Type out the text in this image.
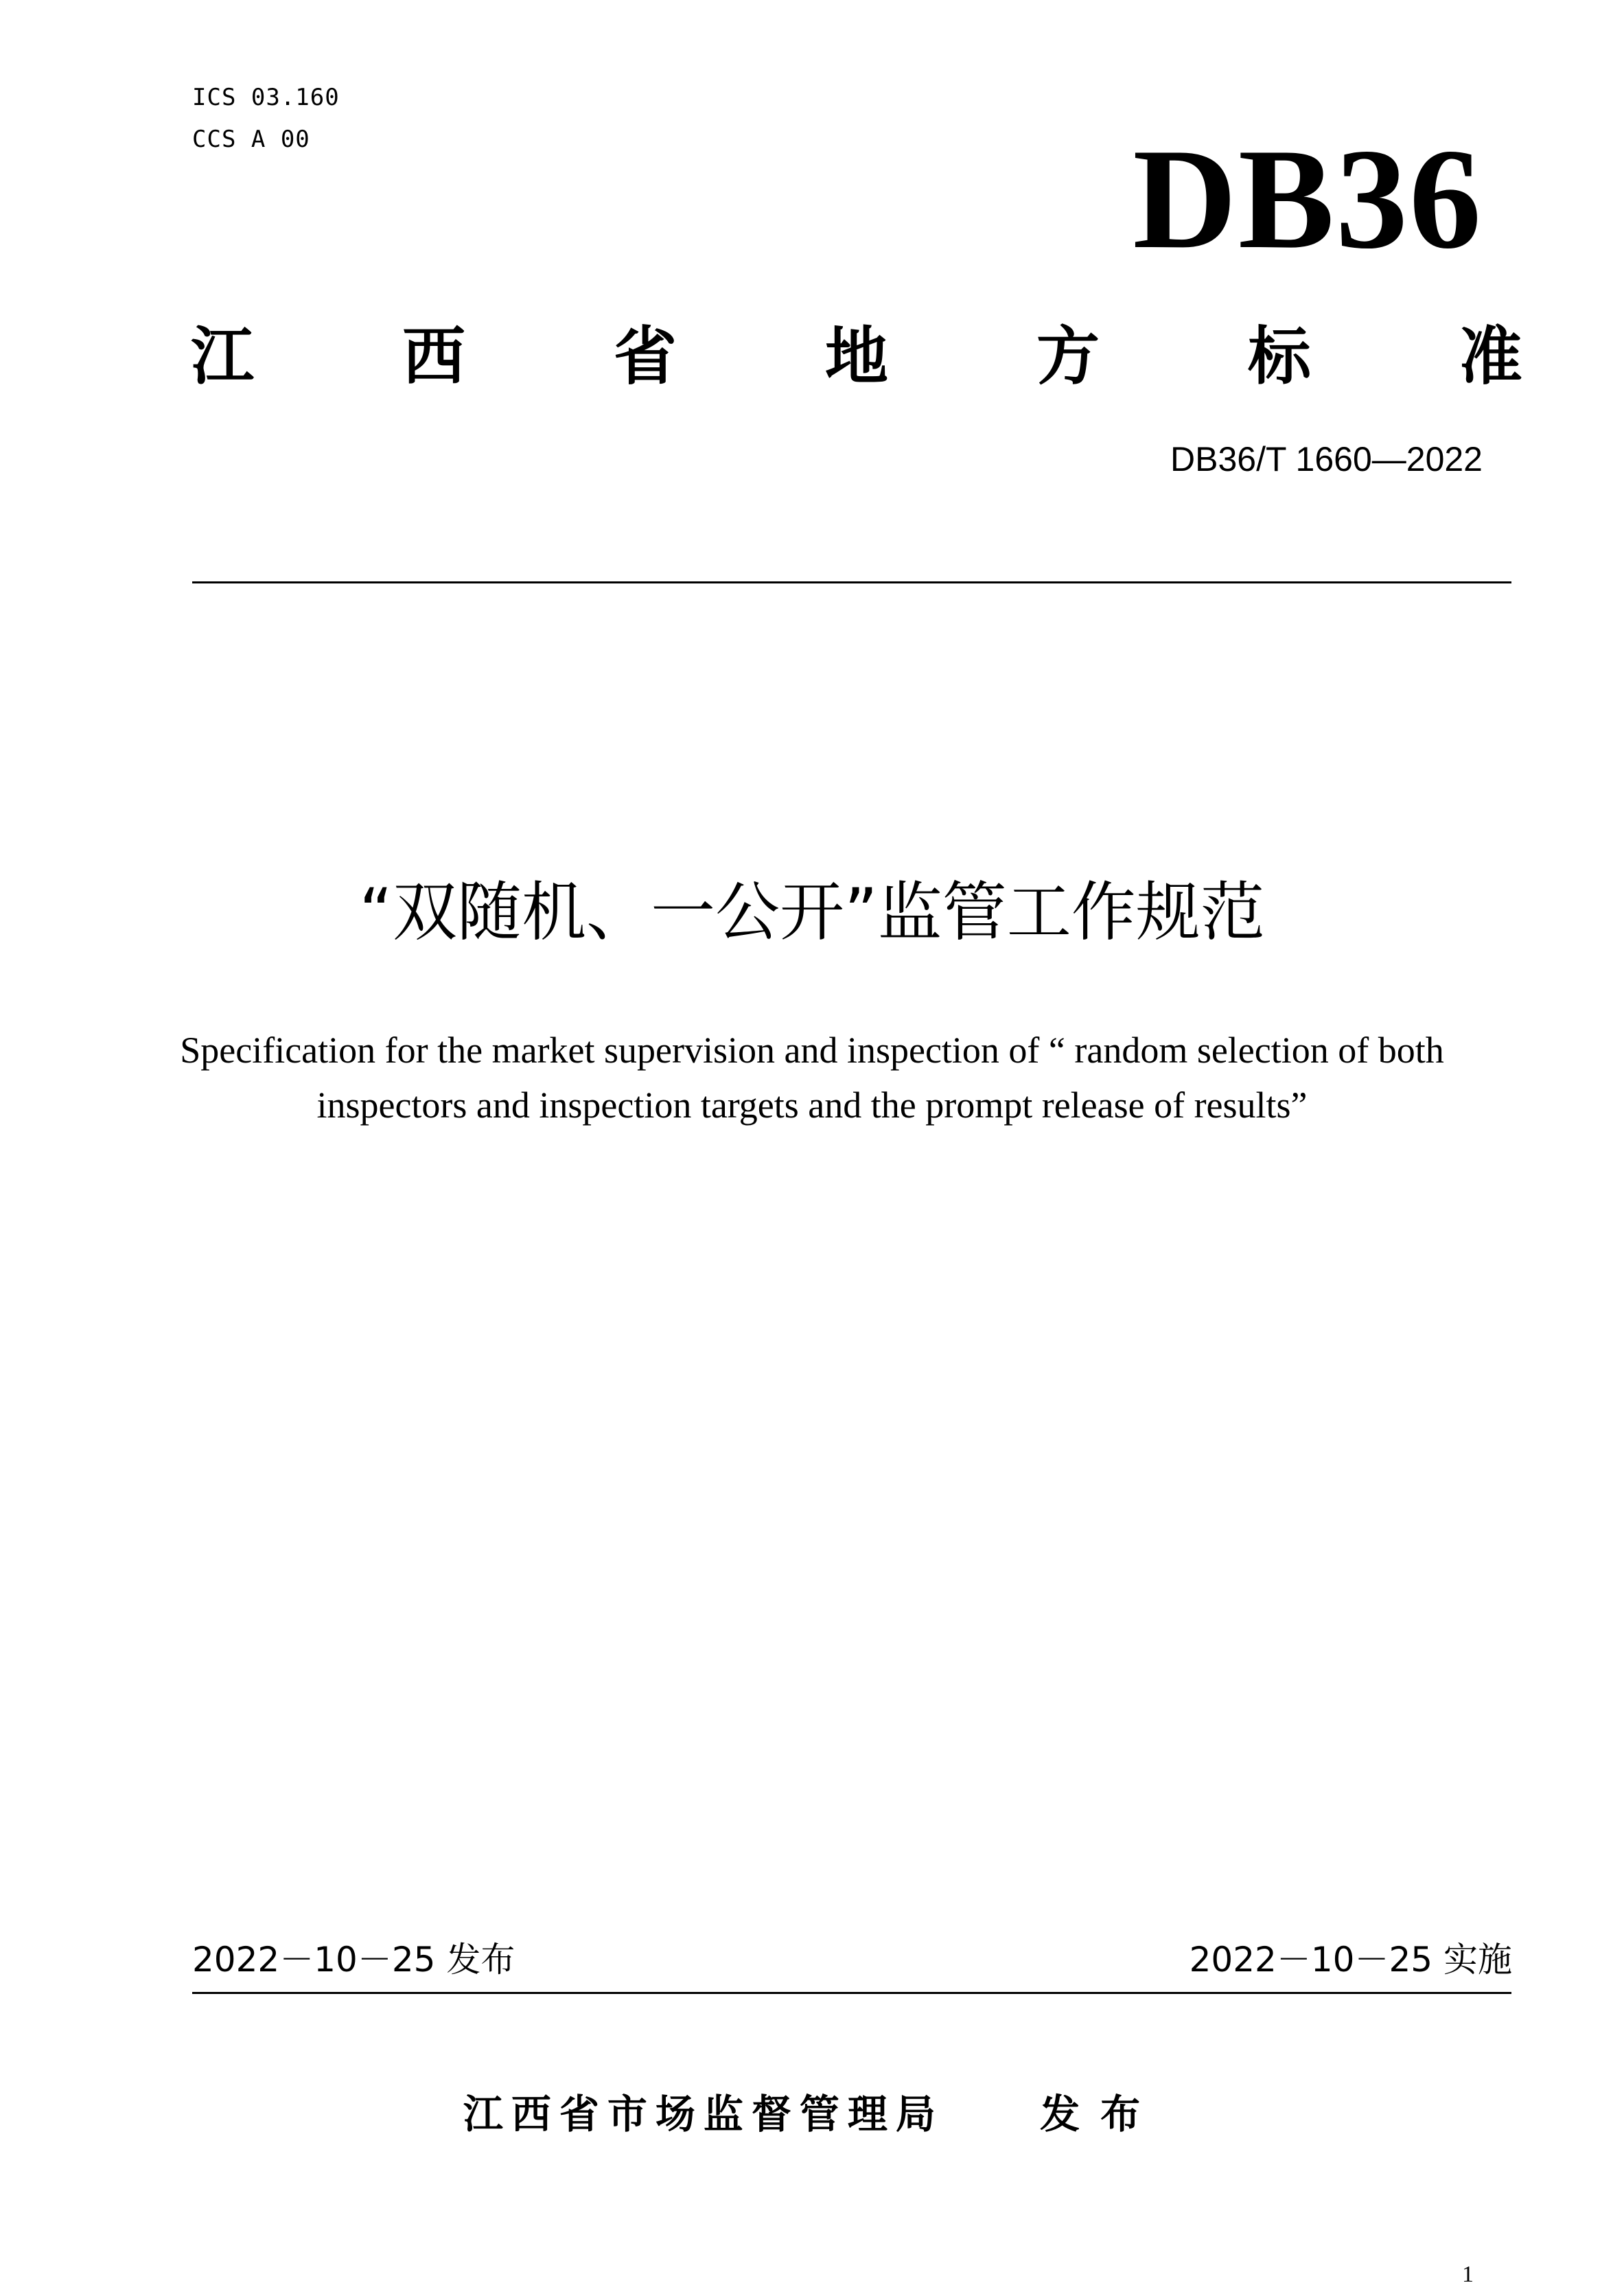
ICS 03.160
CCS A 00	DB36
江 西 省 地 方 标 准
DB36/T 1660—2022
“双随机、一公开”监管工作规范
Specification for the market supervision and inspection of “ random selection of both
inspectors and inspection targets and the prompt release of results”
2022－10－25 发布	2022－10－25 实施
江西省市场监督管理局 发布
1
